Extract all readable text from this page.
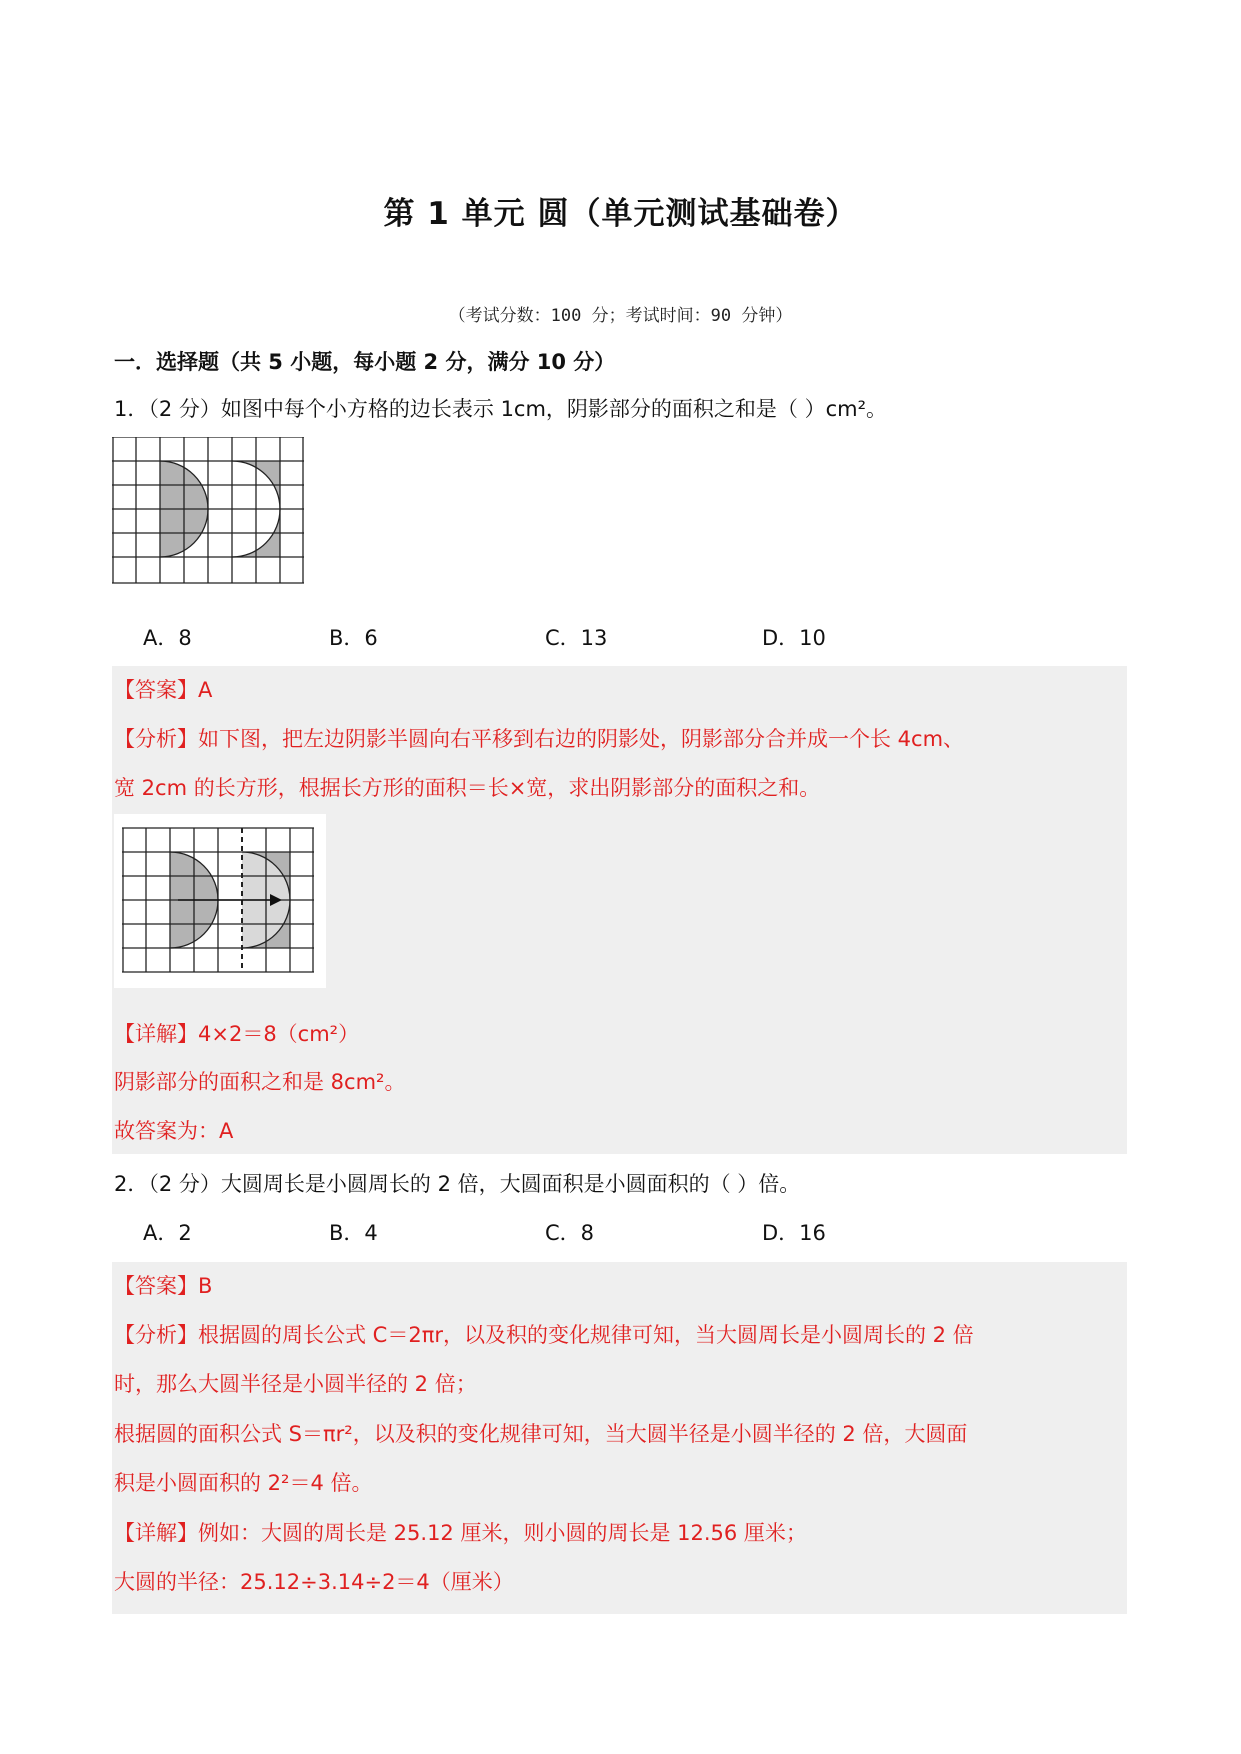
第 1 单元 圆（单元测试基础卷）
（考试分数：100 分；考试时间：90 分钟）
一．选择题（共 5 小题，每小题 2 分，满分 10 分）
1．（2 分）如图中每个小方格的边长表示 1cm，阴影部分的面积之和是（ ）cm²。
A．8	B．6	C．13	D．10
【答案】A
【分析】如下图，把左边阴影半圆向右平移到右边的阴影处，阴影部分合并成一个长 4cm、
宽 2cm 的长方形，根据长方形的面积＝长×宽，求出阴影部分的面积之和。
【详解】4×2＝8（cm²）
阴影部分的面积之和是 8cm²。
故答案为：A
2．（2 分）大圆周长是小圆周长的 2 倍，大圆面积是小圆面积的（ ）倍。
A．2	B．4	C．8	D．16
【答案】B
【分析】根据圆的周长公式 C＝2πr，以及积的变化规律可知，当大圆周长是小圆周长的 2 倍
时，那么大圆半径是小圆半径的 2 倍；
根据圆的面积公式 S＝πr²，以及积的变化规律可知，当大圆半径是小圆半径的 2 倍，大圆面
积是小圆面积的 2²＝4 倍。
【详解】例如：大圆的周长是 25.12 厘米，则小圆的周长是 12.56 厘米；
大圆的半径：25.12÷3.14÷2＝4（厘米）
